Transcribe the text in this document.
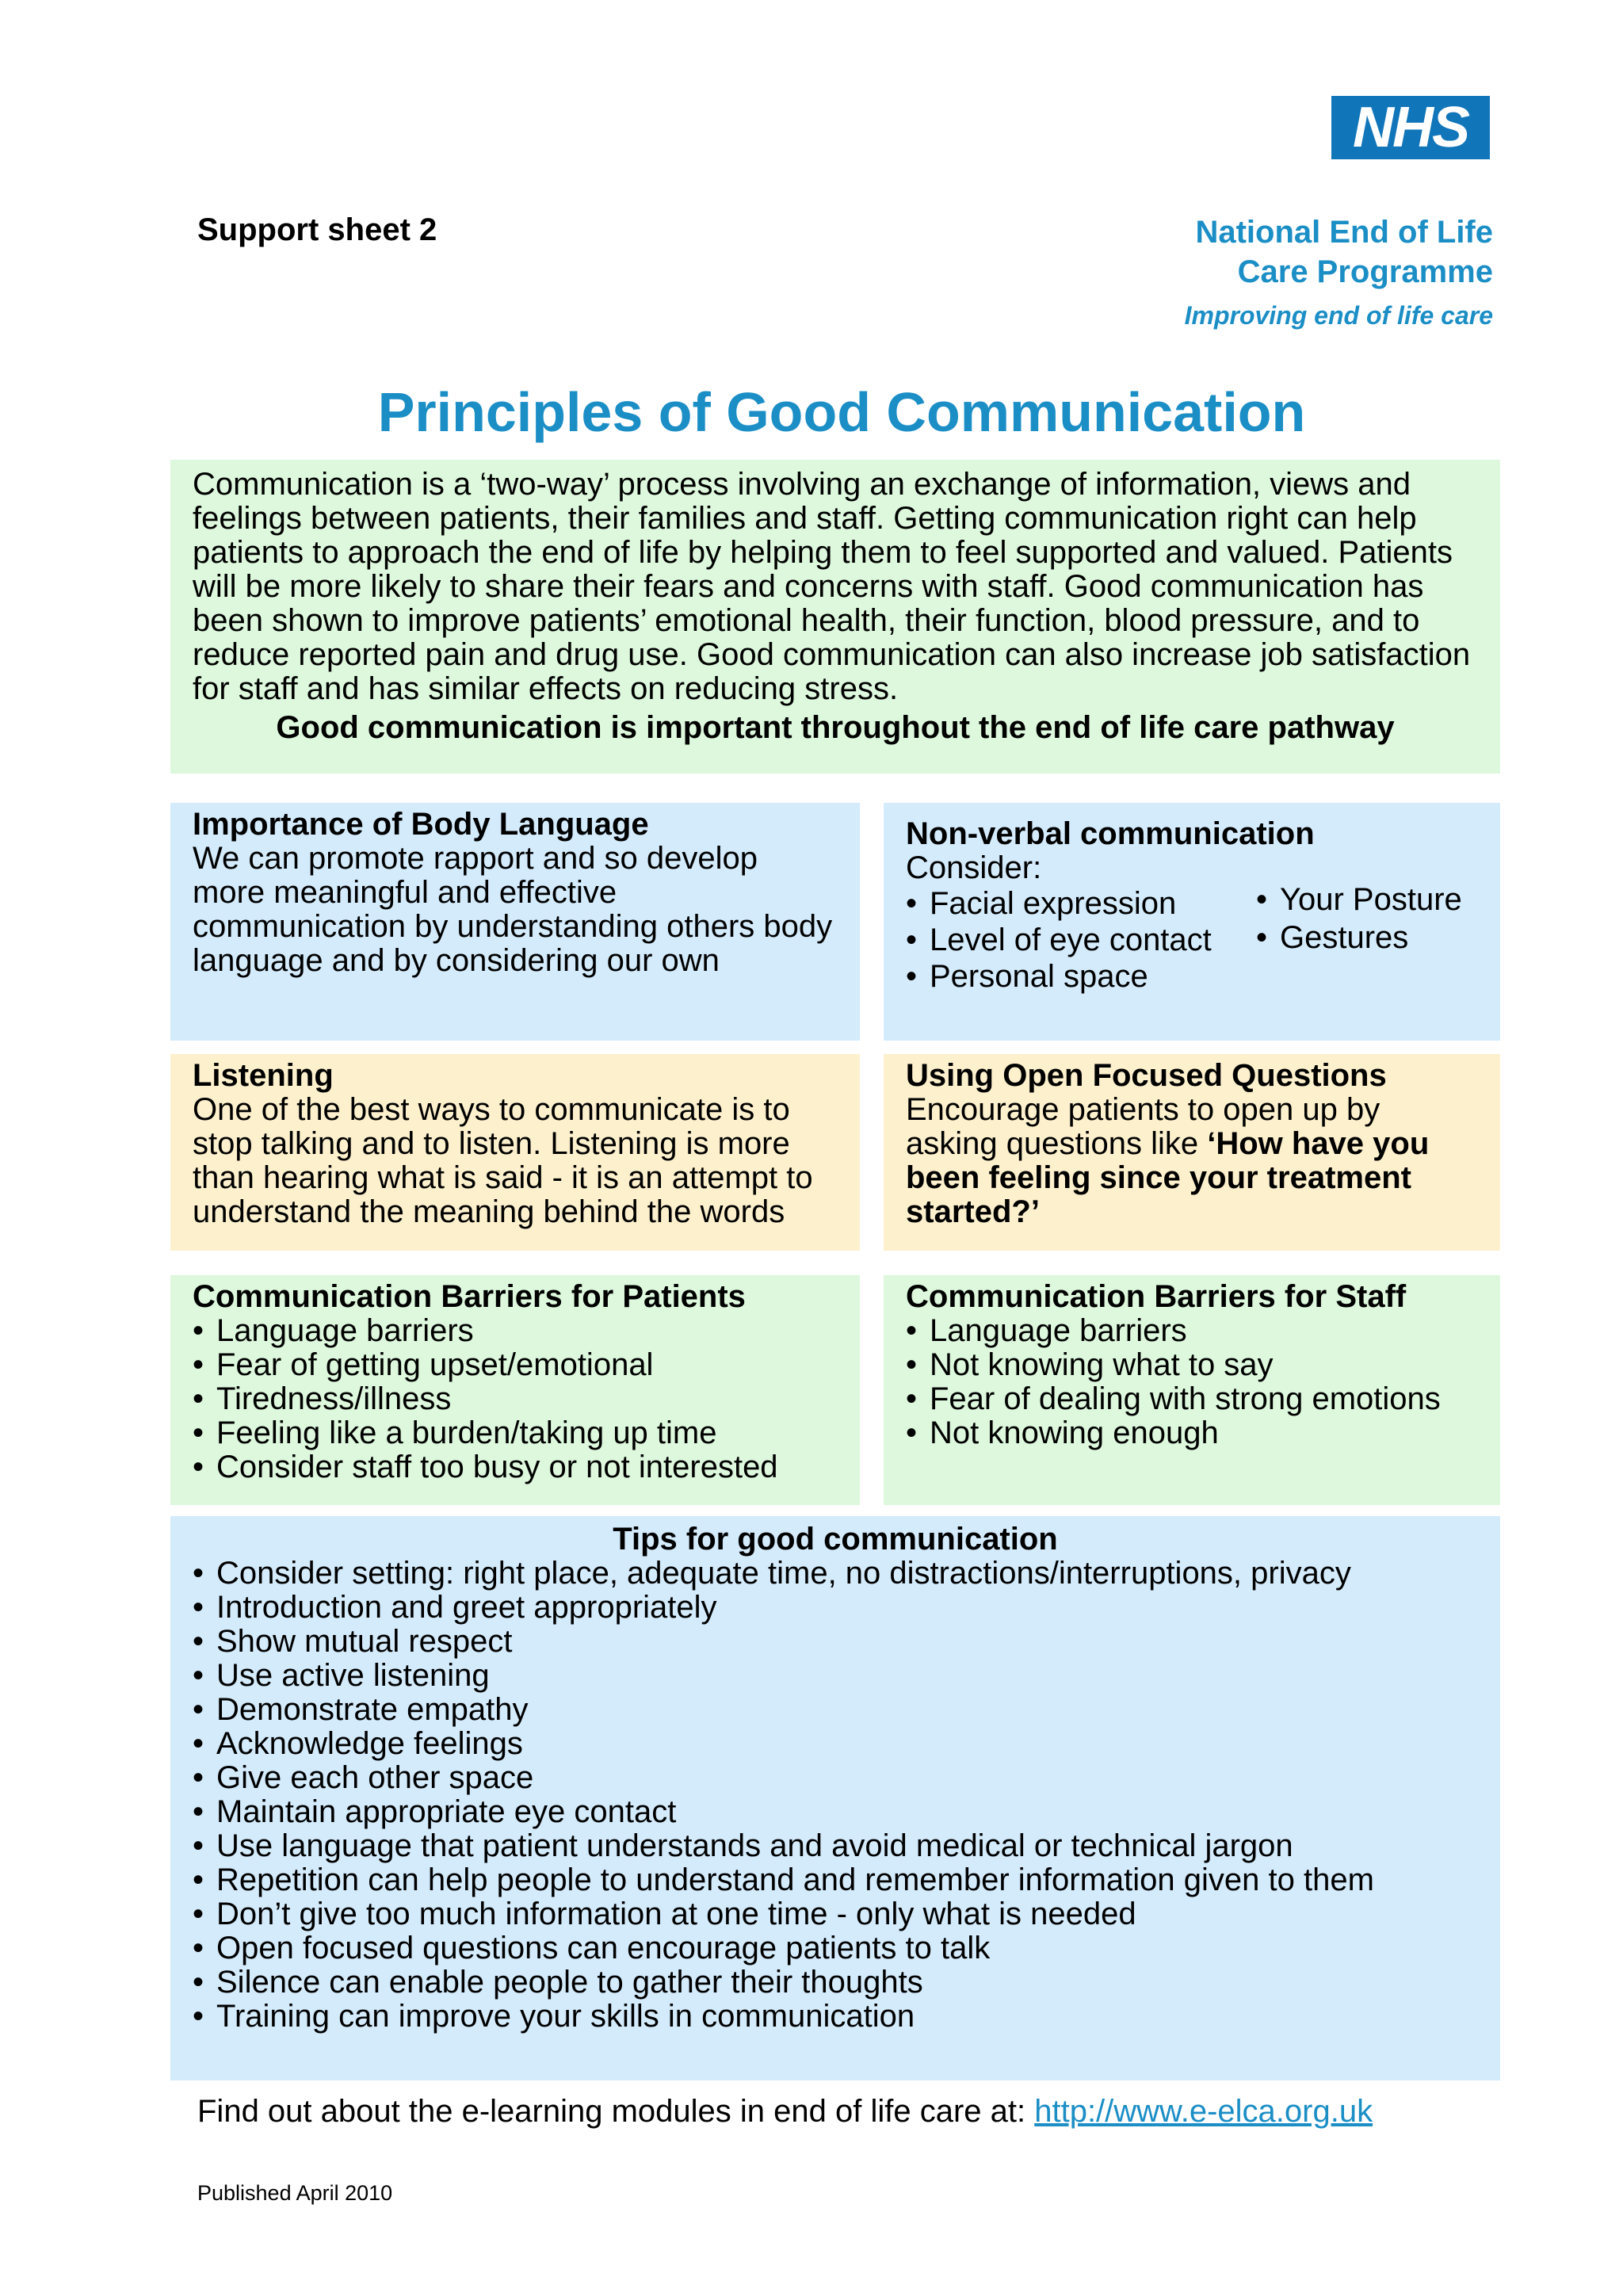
NHS
Support sheet 2	National End of Life
Care Programme
Improving end of life care
Principles of Good Communication
Communication is a ‘two-way’ process involving an exchange of information, views and feelings between patients, their families and staff. Getting communication right can help patients to approach the end of life by helping them to feel supported and valued. Patients will be more likely to share their fears and concerns with staff. Good communication has been shown to improve patients’ emotional health, their function, blood pressure, and to reduce reported pain and drug use. Good communication can also increase job satisfaction for staff and has similar effects on reducing stress.
Good communication is important throughout the end of life care pathway
Importance of Body Language
We can promote rapport and so develop more meaningful and effective communication by understanding others body language and by considering our own
Non-verbal communication
Consider:
• Facial expression
• Level of eye contact
• Personal space
• Your Posture
• Gestures
Listening
One of the best ways to communicate is to stop talking and to listen. Listening is more than hearing what is said - it is an attempt to understand the meaning behind the words
Using Open Focused Questions
Encourage patients to open up by asking questions like ‘How have you been feeling since your treatment started?’
Communication Barriers for Patients
• Language barriers
• Fear of getting upset/emotional
• Tiredness/illness
• Feeling like a burden/taking up time
• Consider staff too busy or not interested
Communication Barriers for Staff
• Language barriers
• Not knowing what to say
• Fear of dealing with strong emotions
• Not knowing enough
Tips for good communication
• Consider setting: right place, adequate time, no distractions/interruptions, privacy
• Introduction and greet appropriately
• Show mutual respect
• Use active listening
• Demonstrate empathy
• Acknowledge feelings
• Give each other space
• Maintain appropriate eye contact
• Use language that patient understands and avoid medical or technical jargon
• Repetition can help people to understand and remember information given to them
• Don’t give too much information at one time - only what is needed
• Open focused questions can encourage patients to talk
• Silence can enable people to gather their thoughts
• Training can improve your skills in communication
Find out about the e-learning modules in end of life care at: http://www.e-elca.org.uk
Published April 2010
